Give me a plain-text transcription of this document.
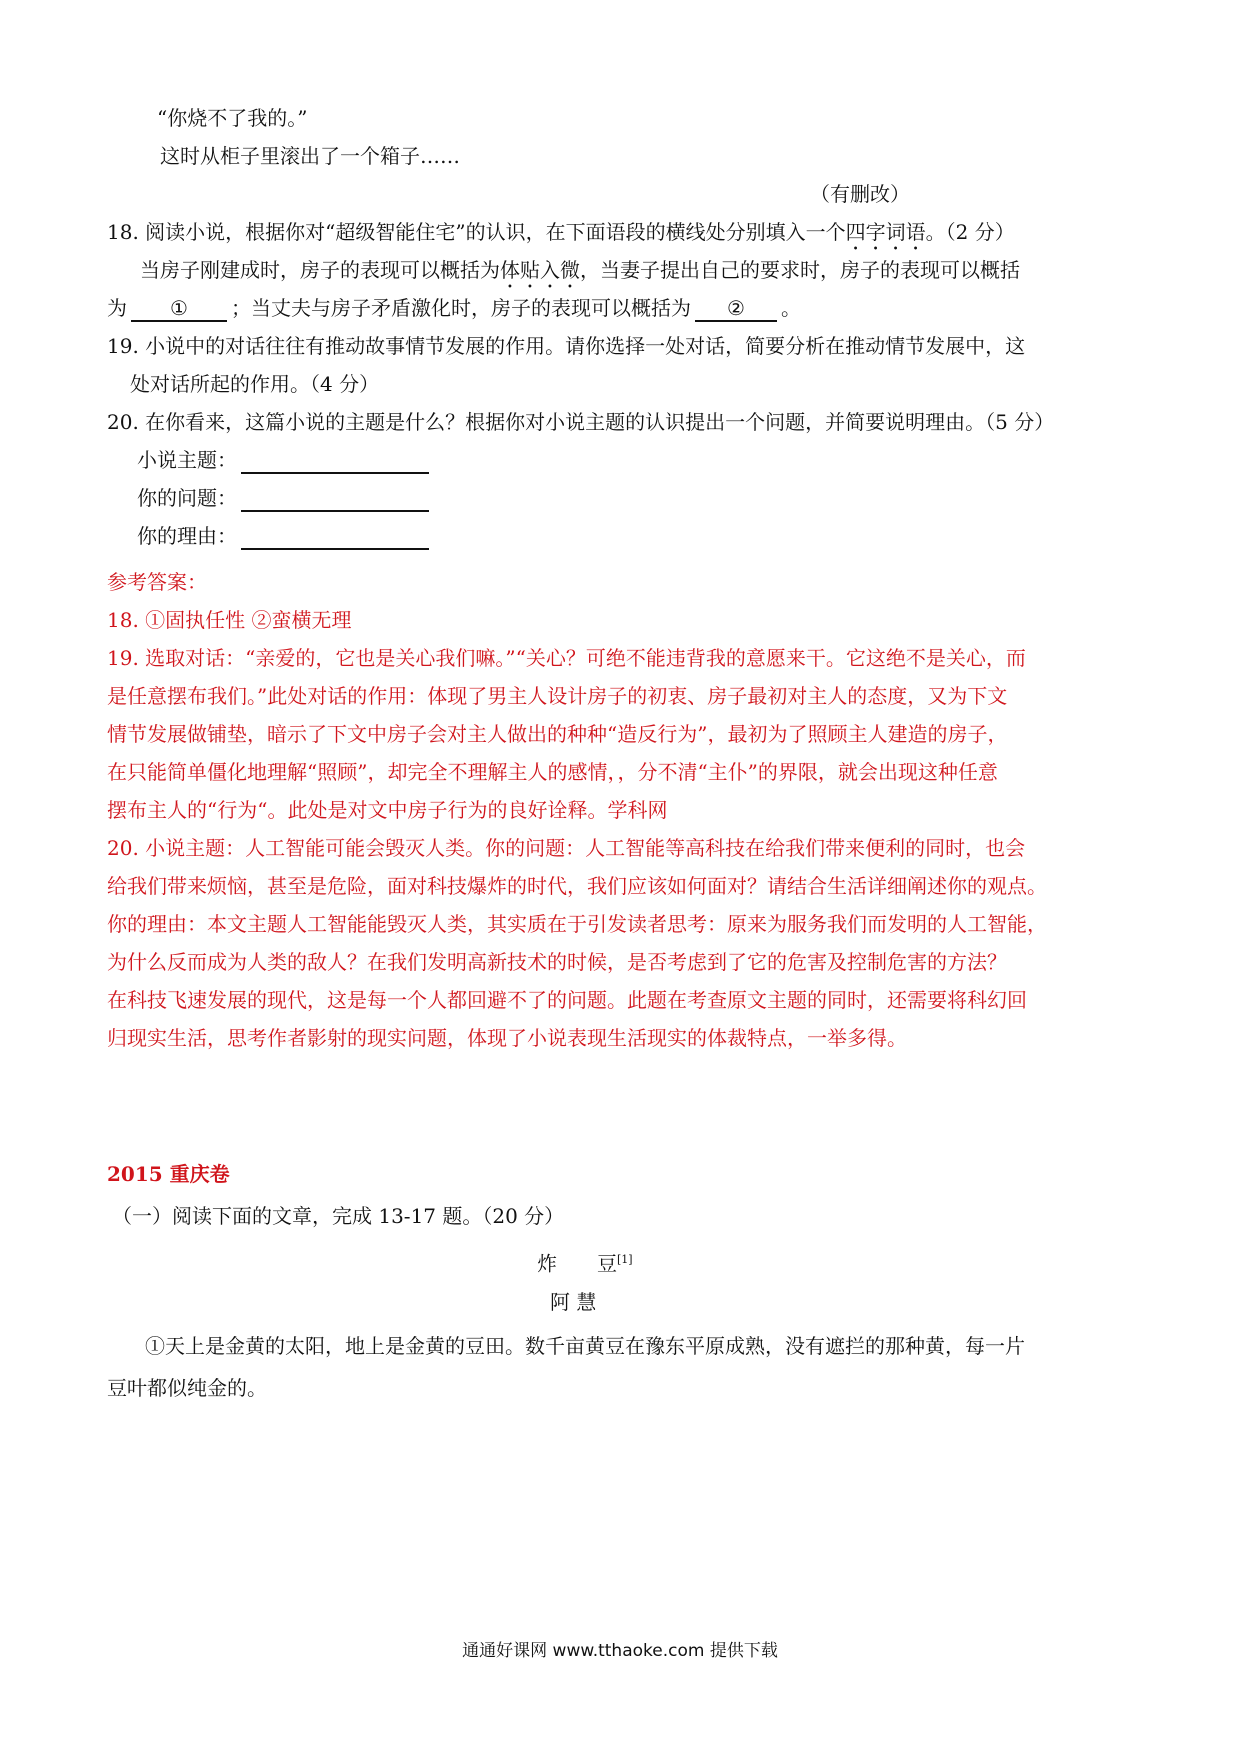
“你烧不了我的。”
这时从柜子里滚出了一个箱子……
（有删改）
18. 阅读小说，根据你对“超级智能住宅”的认识，在下面语段的横线处分别填入一个四字词语。（2 分）
当房子刚建成时，房子的表现可以概括为体贴入微，当妻子提出自己的要求时，房子的表现可以概括
为 ① ；当丈夫与房子矛盾激化时，房子的表现可以概括为 ② 。
19. 小说中的对话往往有推动故事情节发展的作用。请你选择一处对话，简要分析在推动情节发展中，这
处对话所起的作用。（4 分）
20. 在你看来，这篇小说的主题是什么？根据你对小说主题的认识提出一个问题，并简要说明理由。（5 分）
小说主题：
你的问题：
你的理由：
参考答案：
18. ①固执任性 ②蛮横无理
19. 选取对话：“亲爱的，它也是关心我们嘛。”“关心？可绝不能违背我的意愿来干。它这绝不是关心，而
是任意摆布我们。”此处对话的作用：体现了男主人设计房子的初衷、房子最初对主人的态度，又为下文
情节发展做铺垫，暗示了下文中房子会对主人做出的种种“造反行为”，最初为了照顾主人建造的房子，
在只能简单僵化地理解“照顾”，却完全不理解主人的感情，，分不清“主仆”的界限，就会出现这种任意
摆布主人的“行为“。此处是对文中房子行为的良好诠释。学科网
20. 小说主题：人工智能可能会毁灭人类。你的问题：人工智能等高科技在给我们带来便利的同时，也会
给我们带来烦恼，甚至是危险，面对科技爆炸的时代，我们应该如何面对？请结合生活详细阐述你的观点。
你的理由：本文主题人工智能能毁灭人类，其实质在于引发读者思考：原来为服务我们而发明的人工智能，
为什么反而成为人类的敌人？在我们发明高新技术的时候，是否考虑到了它的危害及控制危害的方法？
在科技飞速发展的现代，这是每一个人都回避不了的问题。此题在考查原文主题的同时，还需要将科幻回
归现实生活，思考作者影射的现实问题，体现了小说表现生活现实的体裁特点，一举多得。
2015 重庆卷
（一）阅读下面的文章，完成 13-17 题。（20 分）
炸　　豆[1]
阿 慧
①天上是金黄的太阳，地上是金黄的豆田。数千亩黄豆在豫东平原成熟，没有遮拦的那种黄，每一片
豆叶都似纯金的。
通通好课网 www.tthaoke.com 提供下载
